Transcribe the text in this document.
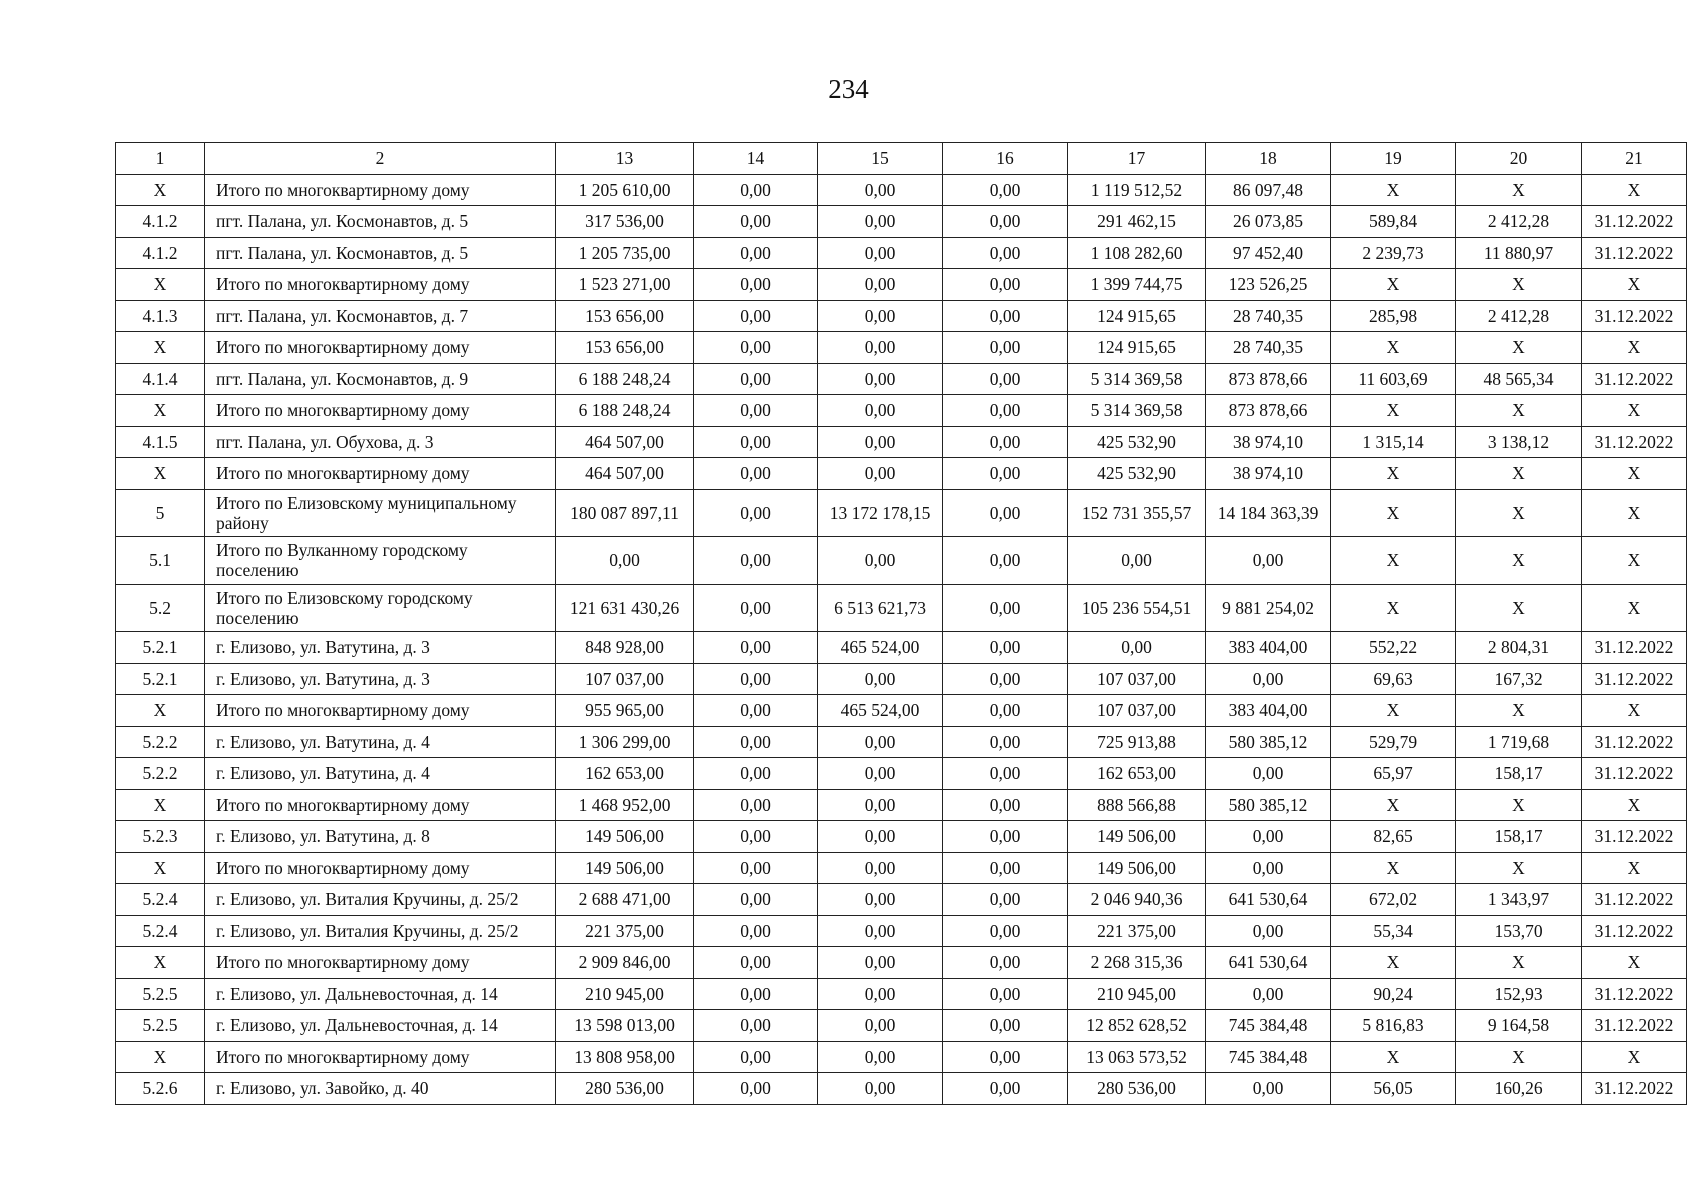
234
1	2	13	14	15	16	17	18	19	20	21
Х	Итого по многоквартирному дому	1 205 610,00	0,00	0,00	0,00	1 119 512,52	86 097,48	Х	Х	Х
4.1.2	пгт. Палана, ул. Космонавтов, д. 5	317 536,00	0,00	0,00	0,00	291 462,15	26 073,85	589,84	2 412,28	31.12.2022
4.1.2	пгт. Палана, ул. Космонавтов, д. 5	1 205 735,00	0,00	0,00	0,00	1 108 282,60	97 452,40	2 239,73	11 880,97	31.12.2022
Х	Итого по многоквартирному дому	1 523 271,00	0,00	0,00	0,00	1 399 744,75	123 526,25	Х	Х	Х
4.1.3	пгт. Палана, ул. Космонавтов, д. 7	153 656,00	0,00	0,00	0,00	124 915,65	28 740,35	285,98	2 412,28	31.12.2022
Х	Итого по многоквартирному дому	153 656,00	0,00	0,00	0,00	124 915,65	28 740,35	Х	Х	Х
4.1.4	пгт. Палана, ул. Космонавтов, д. 9	6 188 248,24	0,00	0,00	0,00	5 314 369,58	873 878,66	11 603,69	48 565,34	31.12.2022
Х	Итого по многоквартирному дому	6 188 248,24	0,00	0,00	0,00	5 314 369,58	873 878,66	Х	Х	Х
4.1.5	пгт. Палана, ул. Обухова, д. 3	464 507,00	0,00	0,00	0,00	425 532,90	38 974,10	1 315,14	3 138,12	31.12.2022
Х	Итого по многоквартирному дому	464 507,00	0,00	0,00	0,00	425 532,90	38 974,10	Х	Х	Х
5	Итого по Елизовскому муниципальному району	180 087 897,11	0,00	13 172 178,15	0,00	152 731 355,57	14 184 363,39	Х	Х	Х
5.1	Итого по Вулканному городскому поселению	0,00	0,00	0,00	0,00	0,00	0,00	Х	Х	Х
5.2	Итого по Елизовскому городскому поселению	121 631 430,26	0,00	6 513 621,73	0,00	105 236 554,51	9 881 254,02	Х	Х	Х
5.2.1	г. Елизово, ул. Ватутина, д. 3	848 928,00	0,00	465 524,00	0,00	0,00	383 404,00	552,22	2 804,31	31.12.2022
5.2.1	г. Елизово, ул. Ватутина, д. 3	107 037,00	0,00	0,00	0,00	107 037,00	0,00	69,63	167,32	31.12.2022
Х	Итого по многоквартирному дому	955 965,00	0,00	465 524,00	0,00	107 037,00	383 404,00	Х	Х	Х
5.2.2	г. Елизово, ул. Ватутина, д. 4	1 306 299,00	0,00	0,00	0,00	725 913,88	580 385,12	529,79	1 719,68	31.12.2022
5.2.2	г. Елизово, ул. Ватутина, д. 4	162 653,00	0,00	0,00	0,00	162 653,00	0,00	65,97	158,17	31.12.2022
Х	Итого по многоквартирному дому	1 468 952,00	0,00	0,00	0,00	888 566,88	580 385,12	Х	Х	Х
5.2.3	г. Елизово, ул. Ватутина, д. 8	149 506,00	0,00	0,00	0,00	149 506,00	0,00	82,65	158,17	31.12.2022
Х	Итого по многоквартирному дому	149 506,00	0,00	0,00	0,00	149 506,00	0,00	Х	Х	Х
5.2.4	г. Елизово, ул. Виталия Кручины, д. 25/2	2 688 471,00	0,00	0,00	0,00	2 046 940,36	641 530,64	672,02	1 343,97	31.12.2022
5.2.4	г. Елизово, ул. Виталия Кручины, д. 25/2	221 375,00	0,00	0,00	0,00	221 375,00	0,00	55,34	153,70	31.12.2022
Х	Итого по многоквартирному дому	2 909 846,00	0,00	0,00	0,00	2 268 315,36	641 530,64	Х	Х	Х
5.2.5	г. Елизово, ул. Дальневосточная, д. 14	210 945,00	0,00	0,00	0,00	210 945,00	0,00	90,24	152,93	31.12.2022
5.2.5	г. Елизово, ул. Дальневосточная, д. 14	13 598 013,00	0,00	0,00	0,00	12 852 628,52	745 384,48	5 816,83	9 164,58	31.12.2022
Х	Итого по многоквартирному дому	13 808 958,00	0,00	0,00	0,00	13 063 573,52	745 384,48	Х	Х	Х
5.2.6	г. Елизово, ул. Завойко, д. 40	280 536,00	0,00	0,00	0,00	280 536,00	0,00	56,05	160,26	31.12.2022
